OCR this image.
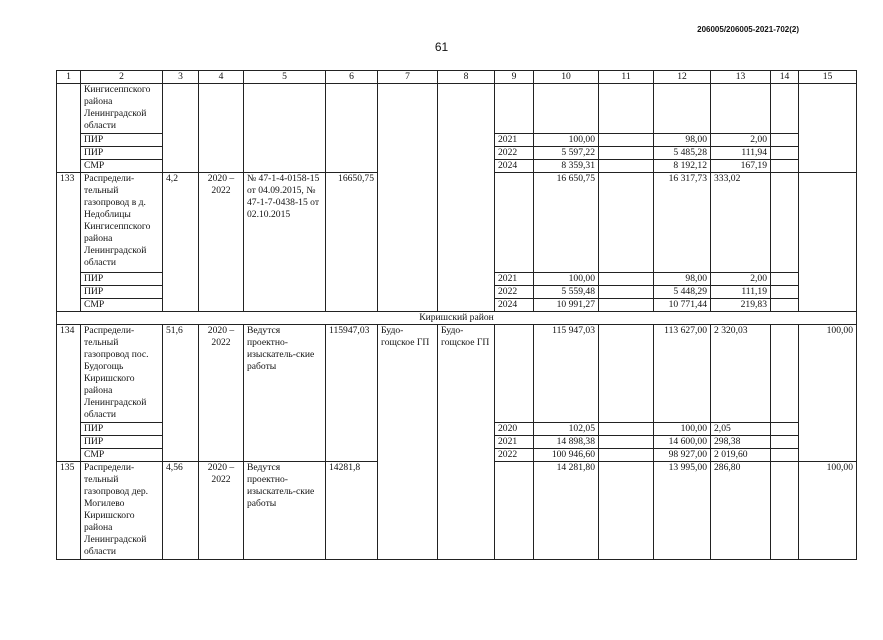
206005/206005-2021-702(2)
61
1	2	3	4	5	6	7	8	9	10	11	12	13	14	15
	Кингисеппского района Ленинградской области													
	ПИР							2021	100,00		98,00	2,00		
	ПИР							2022	5 597,22		5 485,28	111,94		
	СМР							2024	8 359,31		8 192,12	167,19		
133	Распредели-тельный газопровод в д. Недоблицы Кингисеппского района Ленинградской области	4,2	2020 – 2022	№ 47-1-4-0158-15 от 04.09.2015, № 47-1-7-0438-15 от 02.10.2015	16650,75				16 650,75		16 317,73	333,02		
	ПИР							2021	100,00		98,00	2,00		
	ПИР							2022	5 559,48		5 448,29	111,19		
	СМР							2024	10 991,27		10 771,44	219,83		
Киришский район														
134	Распредели-тельный газопровод пос. Будогощь Киришского района Ленинградской области	51,6	2020 – 2022	Ведутся проектно-изыскатель-ские работы	115947,03	Будо-гощское ГП	Будо-гощское ГП		115 947,03		113 627,00	2 320,03		100,00
	ПИР							2020	102,05		100,00	2,05		
	ПИР							2021	14 898,38		14 600,00	298,38		
	СМР							2022	100 946,60		98 927,00	2 019,60		
135	Распредели-тельный газопровод дер. Могилево Киришского района Ленинградской области	4,56	2020 – 2022	Ведутся проектно-изыскатель-ские работы	14281,8				14 281,80		13 995,00	286,80		100,00
